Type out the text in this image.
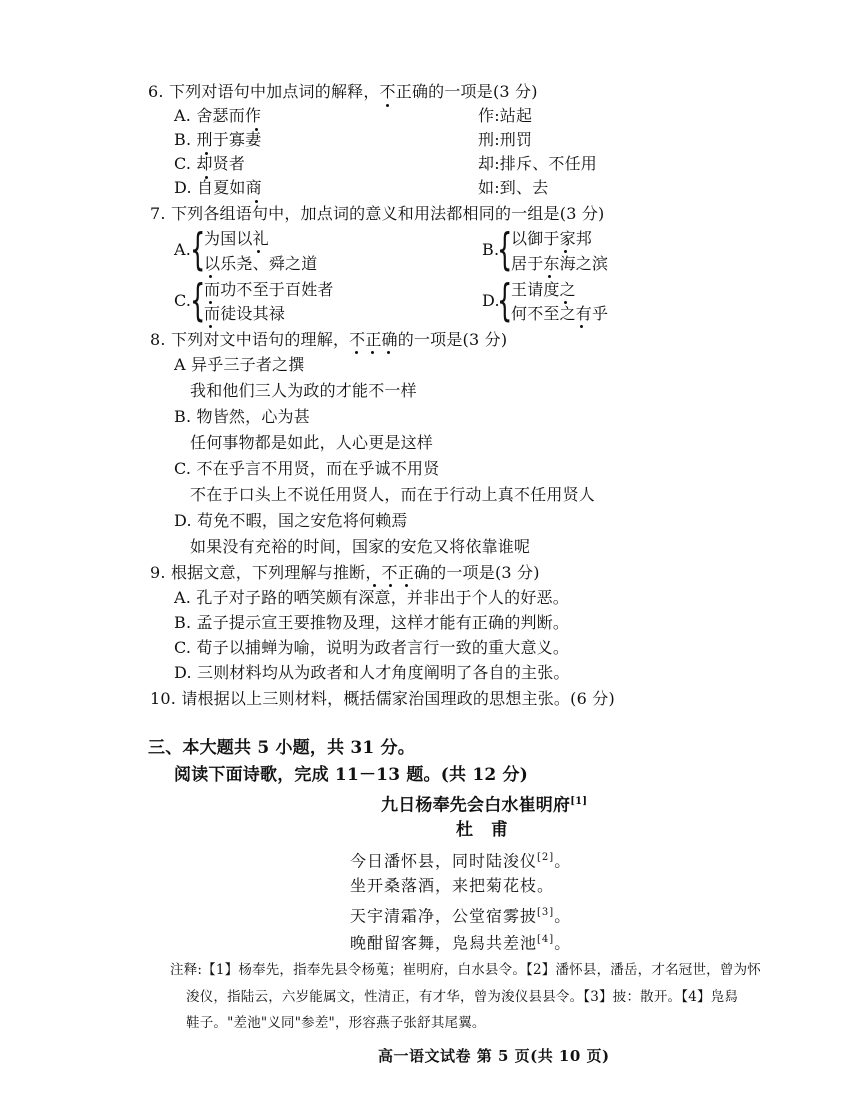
6. 下列对语句中加点词的解释，不正确的一项是(3 分)
A. 舍瑟而作	作:站起
B. 刑于寡妻	刑:刑罚
C. 却贤者	却:排斥、不任用
D. 自夏如商	如:到、去
7. 下列各组语句中，加点词的意义和用法都相同的一组是(3 分)
A.
{
为国以礼
以乐尧、舜之道
B.
{
以御于家邦
居于东海之滨
C.
{
而功不至于百姓者
而徒设其禄
D.
{
王请度之
何不至之有乎
8. 下列对文中语句的理解，不正确的一项是(3 分)
A 异乎三子者之撰
我和他们三人为政的才能不一样
B. 物皆然，心为甚
任何事物都是如此，人心更是这样
C. 不在乎言不用贤，而在乎诚不用贤
不在于口头上不说任用贤人，而在于行动上真不任用贤人
D. 苟免不暇，国之安危将何赖焉
如果没有充裕的时间，国家的安危又将依靠谁呢
9. 根据文意，下列理解与推断，不正确的一项是(3 分)
A. 孔子对子路的哂笑颇有深意，并非出于个人的好恶。
B. 孟子提示宣王要推物及理，这样才能有正确的判断。
C. 荀子以捕蝉为喻，说明为政者言行一致的重大意义。
D. 三则材料均从为政者和人才角度阐明了各自的主张。
10. 请根据以上三则材料，概括儒家治国理政的思想主张。(6 分)
三、本大题共 5 小题，共 31 分。
阅读下面诗歌，完成 11－13 题。(共 12 分)
九日杨奉先会白水崔明府[1]
杜 甫
今日潘怀县，同时陆浚仪[2]。
坐开桑落酒，来把菊花枝。
天宇清霜净，公堂宿雾披[3]。
晚酣留客舞，凫舄共差池[4]。
注释:【1】杨奉先，指奉先县令杨蒐；崔明府，白水县令。【2】潘怀县，潘岳，才名冠世，曾为怀
浚仪，指陆云，六岁能属文，性清正，有才华，曾为浚仪县县令。【3】披：散开。【4】凫舄
鞋子。"差池"义同"参差"，形容燕子张舒其尾翼。
高一语文试卷 第 5 页(共 10 页)
